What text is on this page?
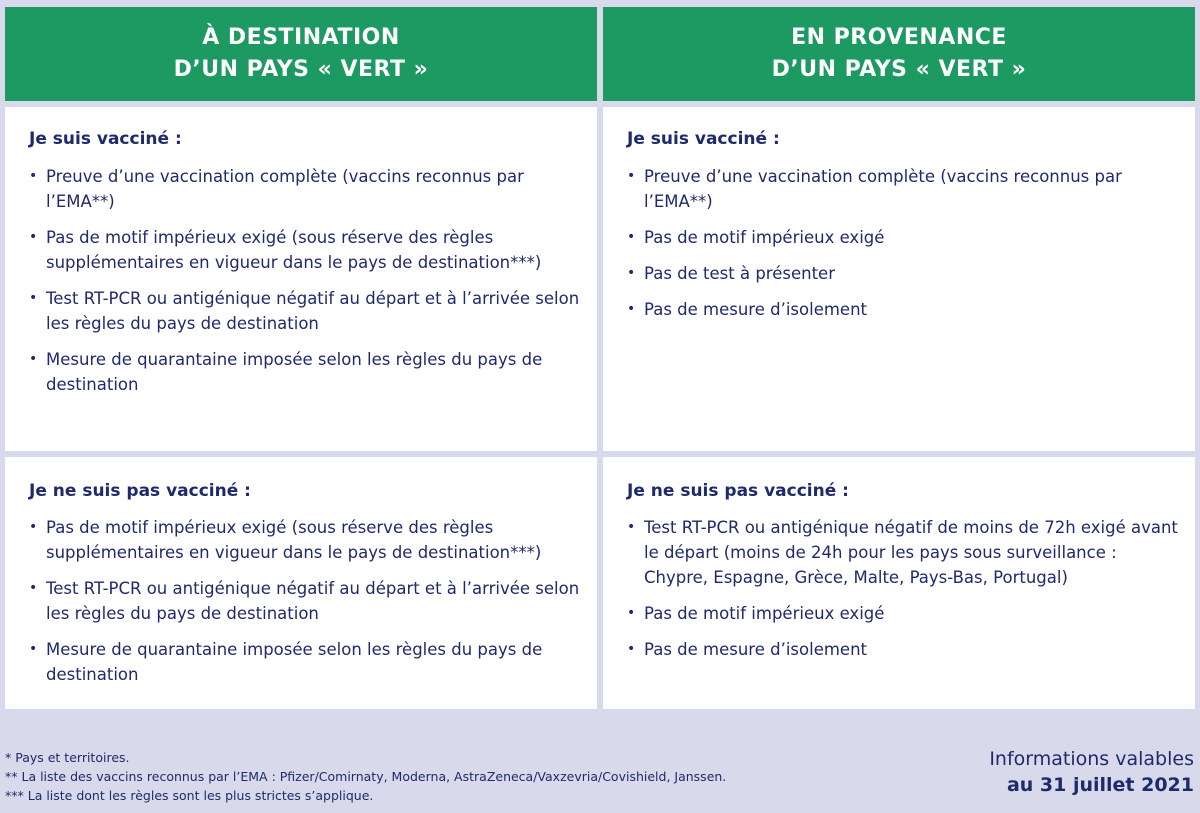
À DESTINATION
D’UN PAYS « VERT »
EN PROVENANCE
D’UN PAYS « VERT »
Je suis vacciné :
• Preuve d’une vaccination complète (vaccins reconnus par l’EMA**)
• Pas de motif impérieux exigé (sous réserve des règles supplémentaires en vigueur dans le pays de destination***)
• Test RT-PCR ou antigénique négatif au départ et à l’arrivée selon les règles du pays de destination
• Mesure de quarantaine imposée selon les règles du pays de destination
Je suis vacciné :
• Preuve d’une vaccination complète (vaccins reconnus par l’EMA**)
• Pas de motif impérieux exigé
• Pas de test à présenter
• Pas de mesure d’isolement
Je ne suis pas vacciné :
• Pas de motif impérieux exigé (sous réserve des règles supplémentaires en vigueur dans le pays de destination***)
• Test RT-PCR ou antigénique négatif au départ et à l’arrivée selon les règles du pays de destination
• Mesure de quarantaine imposée selon les règles du pays de destination
Je ne suis pas vacciné :
• Test RT-PCR ou antigénique négatif de moins de 72h exigé avant le départ (moins de 24h pour les pays sous surveillance : Chypre, Espagne, Grèce, Malte, Pays-Bas, Portugal)
• Pas de motif impérieux exigé
• Pas de mesure d’isolement
* Pays et territoires.
** La liste des vaccins reconnus par l’EMA : Pfizer/Comirnaty, Moderna, AstraZeneca/Vaxzevria/Covishield, Janssen.
*** La liste dont les règles sont les plus strictes s’applique.
Informations valables
au 31 juillet 2021
